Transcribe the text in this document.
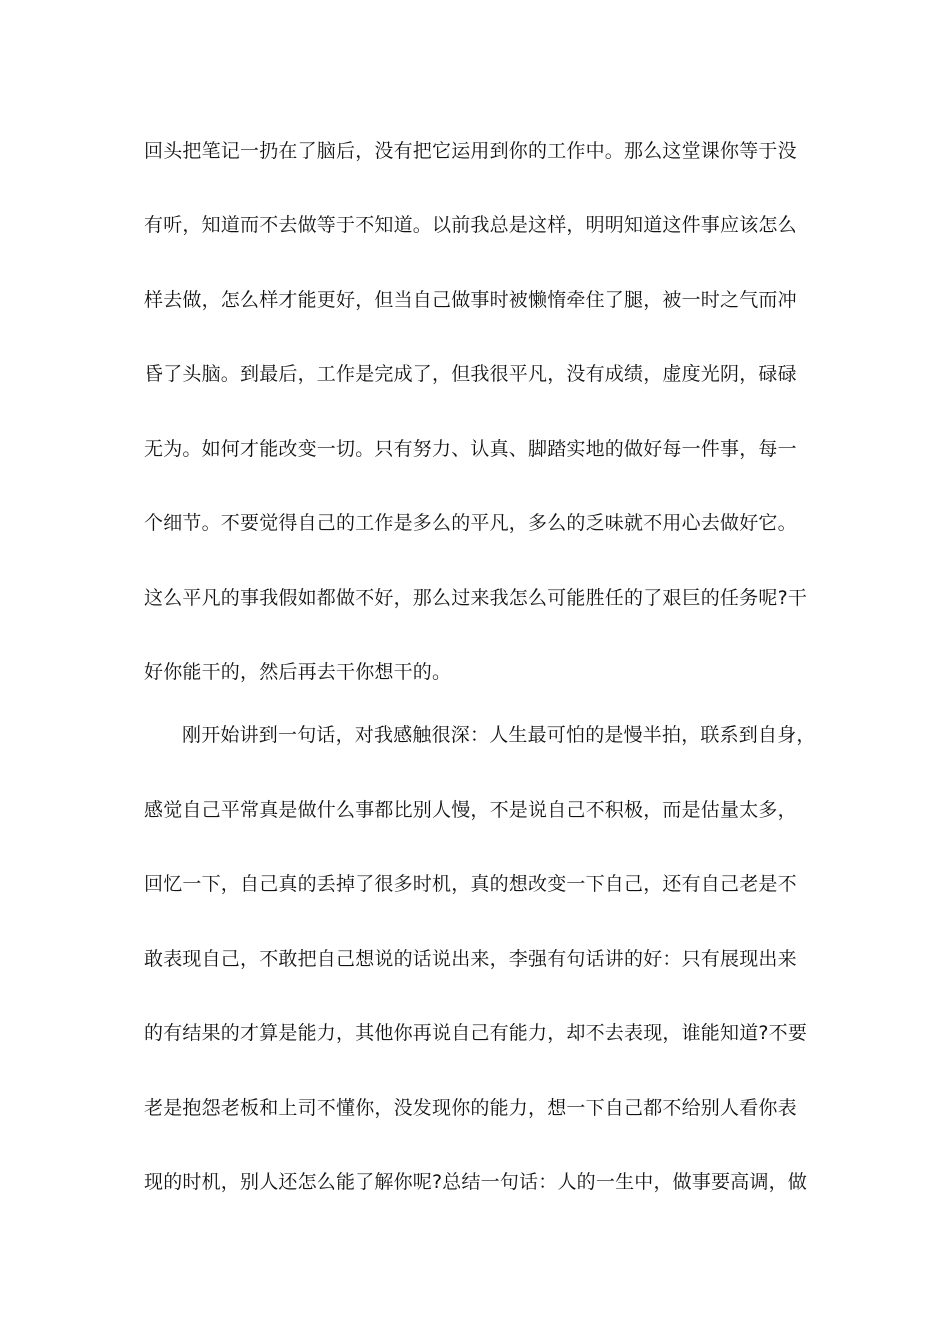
回头把笔记一扔在了脑后，没有把它运用到你的工作中。那么这堂课你等于没
有听，知道而不去做等于不知道。以前我总是这样，明明知道这件事应该怎么
样去做，怎么样才能更好，但当自己做事时被懒惰牵住了腿，被一时之气而冲
昏了头脑。到最后，工作是完成了，但我很平凡，没有成绩，虚度光阴，碌碌
无为。如何才能改变一切。只有努力、认真、脚踏实地的做好每一件事，每一
个细节。不要觉得自己的工作是多么的平凡，多么的乏味就不用心去做好它。
这么平凡的事我假如都做不好，那么过来我怎么可能胜任的了艰巨的任务呢?干
好你能干的，然后再去干你想干的。
刚开始讲到一句话，对我感触很深：人生最可怕的是慢半拍，联系到自身，
感觉自己平常真是做什么事都比别人慢，不是说自己不积极，而是估量太多，
回忆一下，自己真的丢掉了很多时机，真的想改变一下自己，还有自己老是不
敢表现自己，不敢把自己想说的话说出来，李强有句话讲的好：只有展现出来
的有结果的才算是能力，其他你再说自己有能力，却不去表现，谁能知道?不要
老是抱怨老板和上司不懂你，没发现你的能力，想一下自己都不给别人看你表
现的时机，别人还怎么能了解你呢?总结一句话：人的一生中，做事要高调，做
